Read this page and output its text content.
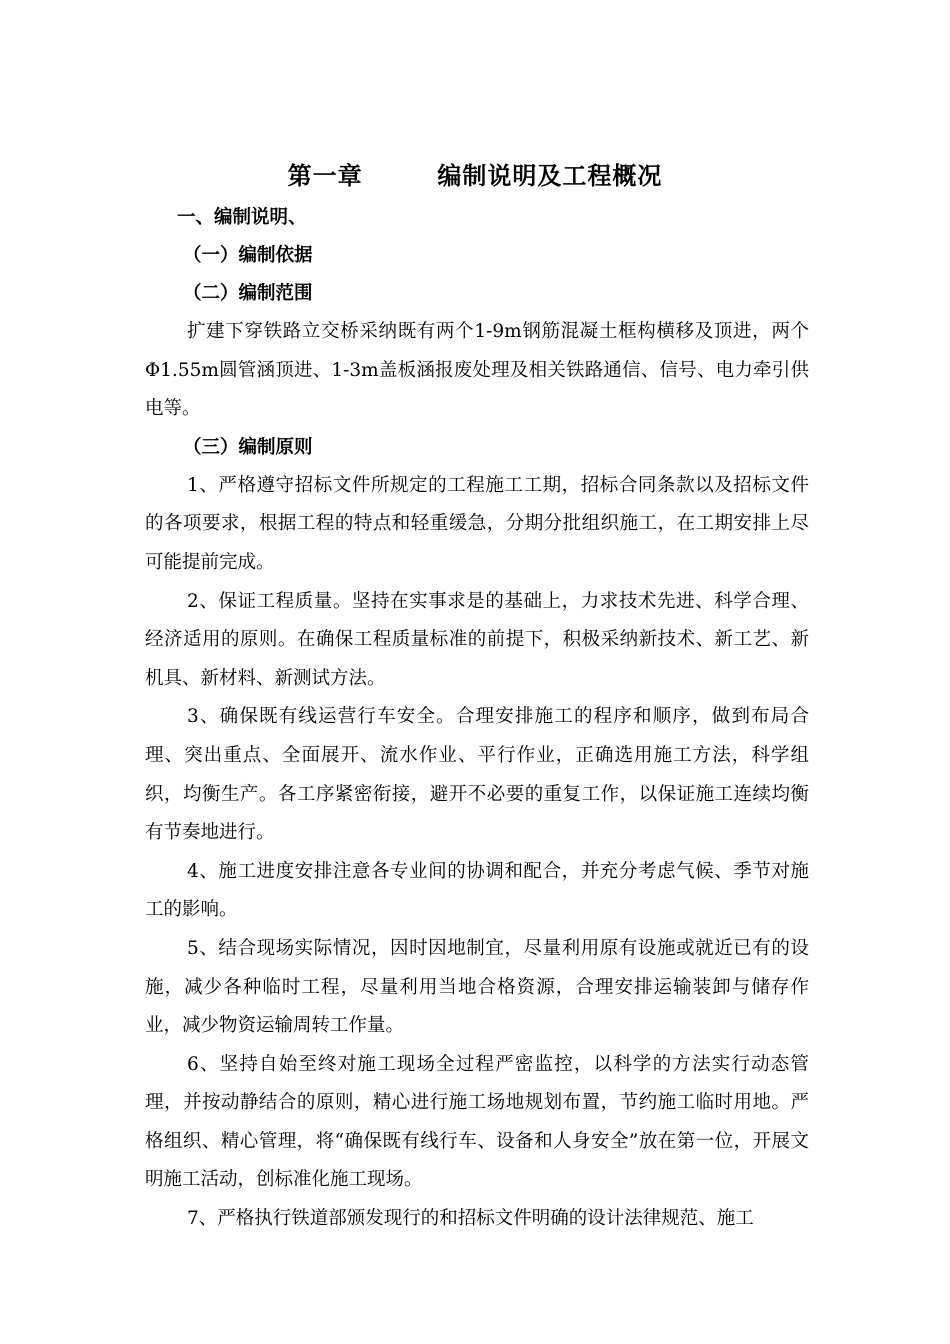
第一章	编制说明及工程概况
一、编制说明、
（一）编制依据
（二）编制范围

扩建下穿铁路立交桥采纳既有两个1-9m钢筋混凝土框构横移及顶进，两个Φ1.55m圆管涵顶进、1-3m盖板涵报废处理及相关铁路通信、信号、电力牵引供电等。

（三）编制原则

1、严格遵守招标文件所规定的工程施工工期，招标合同条款以及招标文件的各项要求，根据工程的特点和轻重缓急，分期分批组织施工，在工期安排上尽可能提前完成。

2、保证工程质量。坚持在实事求是的基础上，力求技术先进、科学合理、经济适用的原则。在确保工程质量标准的前提下，积极采纳新技术、新工艺、新机具、新材料、新测试方法。

3、确保既有线运营行车安全。合理安排施工的程序和顺序，做到布局合理、突出重点、全面展开、流水作业、平行作业，正确选用施工方法，科学组织，均衡生产。各工序紧密衔接，避开不必要的重复工作，以保证施工连续均衡有节奏地进行。

4、施工进度安排注意各专业间的协调和配合，并充分考虑气候、季节对施工的影响。

5、结合现场实际情况，因时因地制宜，尽量利用原有设施或就近已有的设施，减少各种临时工程，尽量利用当地合格资源，合理安排运输装卸与储存作业，减少物资运输周转工作量。

6、坚持自始至终对施工现场全过程严密监控，以科学的方法实行动态管理，并按动静结合的原则，精心进行施工场地规划布置，节约施工临时用地。严格组织、精心管理，将“确保既有线行车、设备和人身安全”放在第一位，开展文明施工活动，创标准化施工现场。

7、严格执行铁道部颁发现行的和招标文件明确的设计法律规范、施工
